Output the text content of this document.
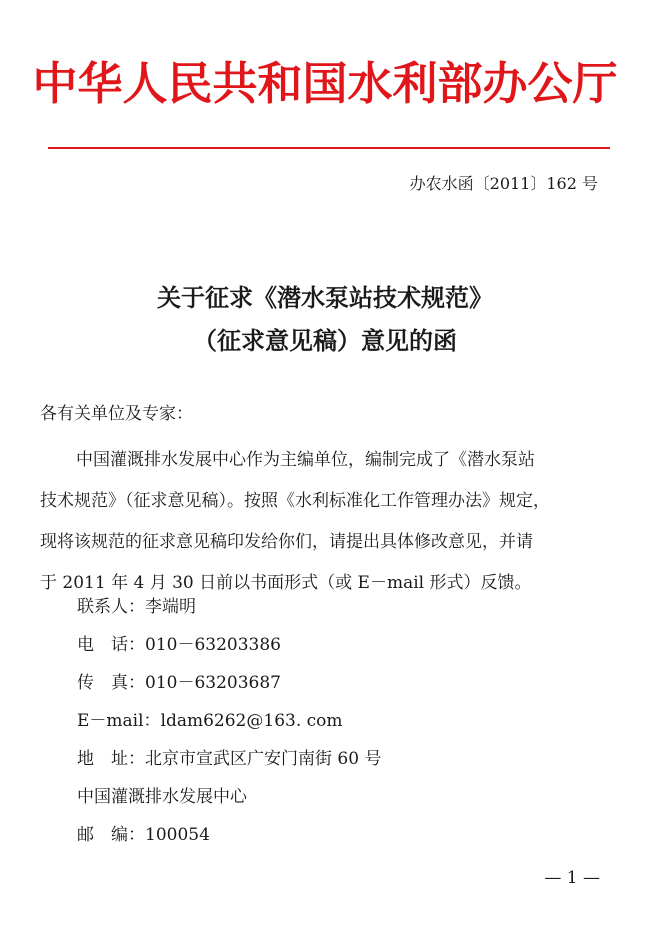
中华人民共和国水利部办公厅
办农水函〔2011〕162 号
关于征求《潜水泵站技术规范》
（征求意见稿）意见的函
各有关单位及专家：
中国灌溉排水发展中心作为主编单位，编制完成了《潜水泵站
技术规范》（征求意见稿）。按照《水利标准化工作管理办法》规定，
现将该规范的征求意见稿印发给你们，请提出具体修改意见，并请
于 2011 年 4 月 30 日前以书面形式（或 E－mail 形式）反馈。
联系人：李端明
电　话：010－63203386
传　真：010－63203687
E－mail：ldam6262@163. com
地　址：北京市宣武区广安门南街 60 号
中国灌溉排水发展中心
邮　编：100054
— 1 —
